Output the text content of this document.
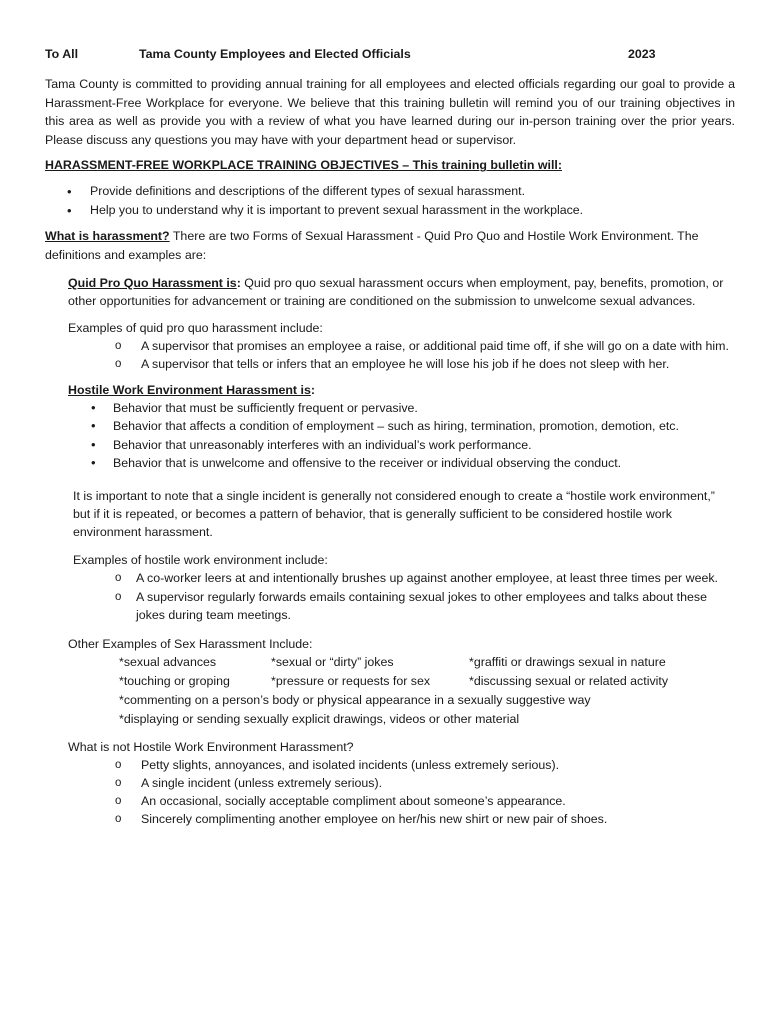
To All	Tama County Employees and Elected Officials	2023

Tama County is committed to providing annual training for all employees and elected officials regarding our goal to provide a Harassment-Free Workplace for everyone. We believe that this training bulletin will remind you of our training objectives in this area as well as provide you with a review of what you have learned during our in-person training over the prior years. Please discuss any questions you may have with your department head or supervisor.

HARASSMENT-FREE WORKPLACE TRAINING OBJECTIVES – This training bulletin will:

• Provide definitions and descriptions of the different types of sexual harassment.
• Help you to understand why it is important to prevent sexual harassment in the workplace.

What is harassment? There are two Forms of Sexual Harassment - Quid Pro Quo and Hostile Work Environment. The definitions and examples are:

Quid Pro Quo Harassment is: Quid pro quo sexual harassment occurs when employment, pay, benefits, promotion, or other opportunities for advancement or training are conditioned on the submission to unwelcome sexual advances.

Examples of quid pro quo harassment include:

o A supervisor that promises an employee a raise, or additional paid time off, if she will go on a date with him.
o A supervisor that tells or infers that an employee he will lose his job if he does not sleep with her.

Hostile Work Environment Harassment is:

• Behavior that must be sufficiently frequent or pervasive.
• Behavior that affects a condition of employment – such as hiring, termination, promotion, demotion, etc.
• Behavior that unreasonably interferes with an individual’s work performance.
• Behavior that is unwelcome and offensive to the receiver or individual observing the conduct.

It is important to note that a single incident is generally not considered enough to create a “hostile work environment,” but if it is repeated, or becomes a pattern of behavior, that is generally sufficient to be considered hostile work environment harassment.

Examples of hostile work environment include:

o A co-worker leers at and intentionally brushes up against another employee, at least three times per week.
o A supervisor regularly forwards emails containing sexual jokes to other employees and talks about these jokes during team meetings.

Other Examples of Sex Harassment Include:

*sexual advances	*sexual or “dirty” jokes	*graffiti or drawings sexual in nature
*touching or groping	*pressure or requests for sex	*discussing sexual or related activity
*commenting on a person’s body or physical appearance in a sexually suggestive way
*displaying or sending sexually explicit drawings, videos or other material

What is not Hostile Work Environment Harassment?

o Petty slights, annoyances, and isolated incidents (unless extremely serious).
o A single incident (unless extremely serious).
o An occasional, socially acceptable compliment about someone’s appearance.
o Sincerely complimenting another employee on her/his new shirt or new pair of shoes.
